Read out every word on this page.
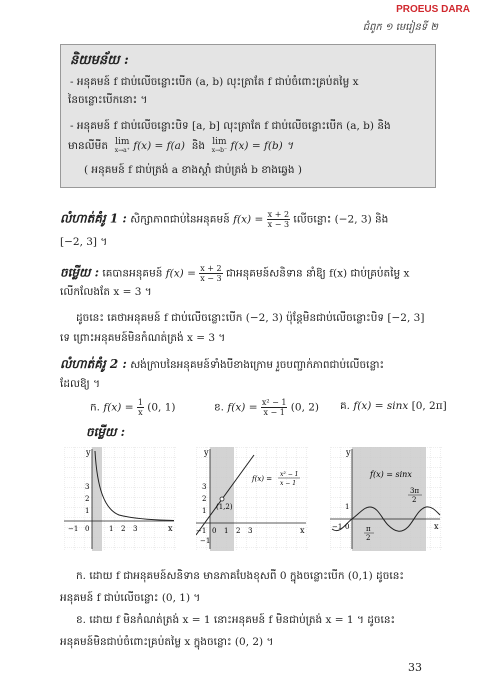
PROEUS DARA
ជំពូក ១ មេរៀនទី ២
និយមន័យ :
- អនុគមន៍ f ជាប់លើចន្លោះបើក (a, b) លុះត្រាតែ f ជាប់ចំពោះគ្រប់តម្លៃ x
នៃចន្លោះបើកនោះ ។
- អនុគមន៍ f ជាប់លើចន្លោះបិទ [a, b] លុះត្រាតែ f ជាប់លើចន្លោះបើក (a, b) និង
មានលីមីត lim
x→a⁺ f(x) = f(a) និង lim
x→b⁻ f(x) = f(b) ។
( អនុគមន៍ f ជាប់ត្រង់ a ខាងស្តាំ ជាប់ត្រង់ b ខាងឆ្វេង )
លំហាត់គំរូ 1 : សិក្សាភាពជាប់នៃអនុគមន៍ $f(x) = \frac{x + 2}{x - 3}$ លើចន្លោះ (−2, 3) និង
[−2, 3] ។
ចម្លើយ : គេបានអនុគមន៍ $f(x) = \frac{x + 2}{x - 3}$ ជាអនុគមន៍សនិទាន នាំឱ្យ f(x) ជាប់គ្រប់តម្លៃ x
លើកលែងតែ x = 3 ។
ដូចនេះ គេថាអនុគមន៍ f ជាប់លើចន្លោះបើក (−2, 3) ប៉ុន្តែមិនជាប់លើចន្លោះបិទ [−2, 3]
ទេ ព្រោះអនុគមន៍មិនកំណត់ត្រង់ x = 3 ។
លំហាត់គំរូ 2 : សង់ក្រាបនៃអនុគមន៍ទាំងបីខាងក្រោម រួចបញ្ជាក់ភាពជាប់លើចន្លោះ
ដែលឱ្យ ។
ក. $f(x) = \frac{1}{x} (0$, 1)	ខ. $f(x) = \frac{\text{x² − 1}}{x - 1} (0$, 2) គ. f(x) = sinx [0, 2π]
ចម្លើយ :
y
x
−1 0	1 2 3
1
2
3
(1,2)
f(x) =
x² − 1
x − 1
y
x
−1 0 1 2 3
1
2
3
−1
f(x) = sinx
y
x
−1 0
1
π
2
3π
2
ក. ដោយ f ជាអនុគមន៍សនិទាន មានភាគបែងខុសពី 0 ក្នុងចន្លោះបើក (0,1) ដូចនេះ
អនុគមន៍ f ជាប់លើចន្លោះ (0, 1) ។
ខ. ដោយ f មិនកំណត់ត្រង់ x = 1 នោះអនុគមន៍ f មិនជាប់ត្រង់ x = 1 ។ ដូចនេះ
អនុគមន៍មិនជាប់ចំពោះគ្រប់តម្លៃ x ក្នុងចន្លោះ (0, 2) ។
33
